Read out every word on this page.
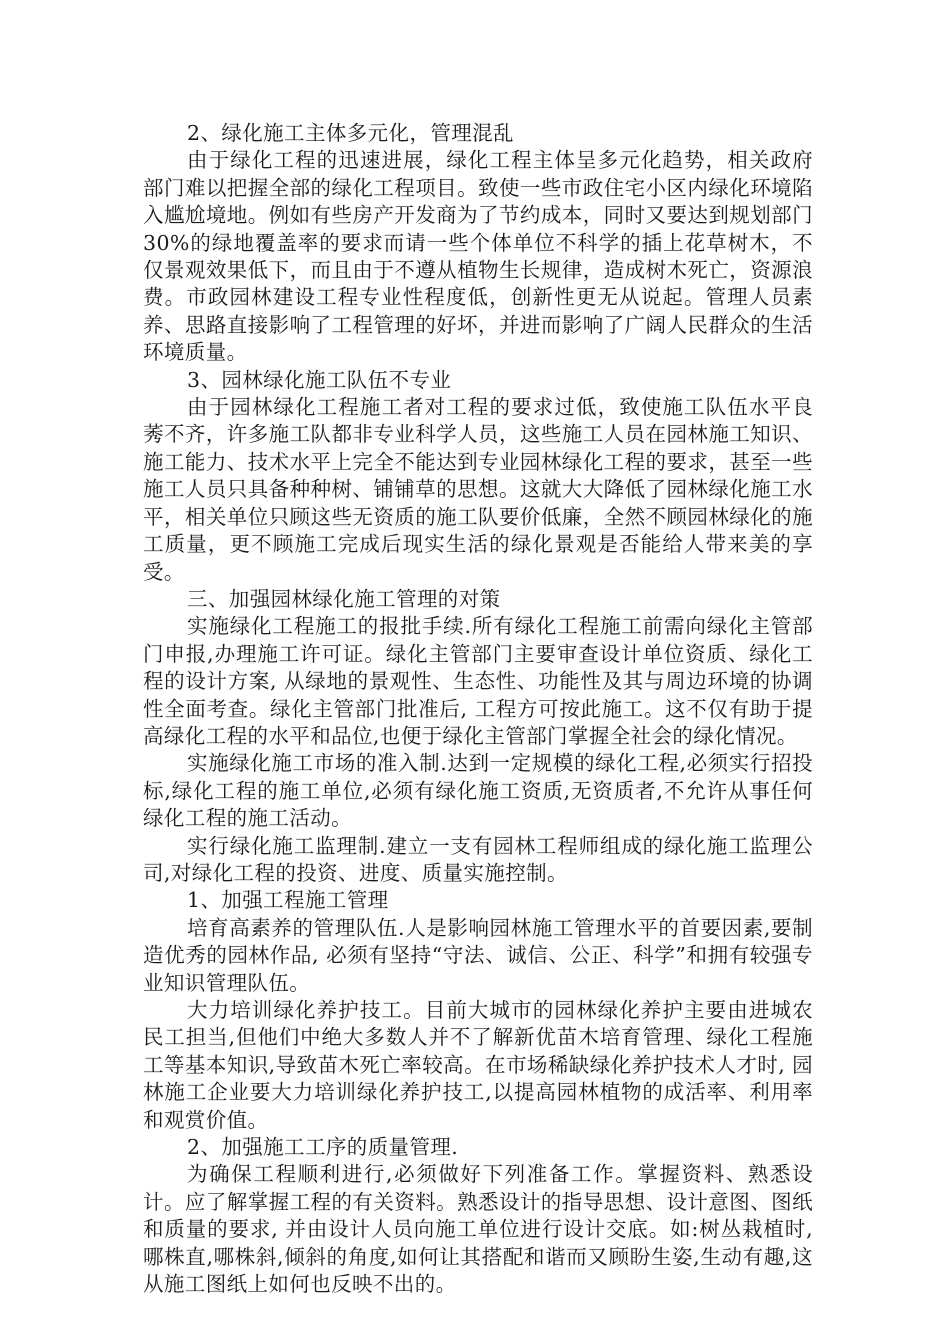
2、绿化施工主体多元化，管理混乱

由于绿化工程的迅速进展，绿化工程主体呈多元化趋势，相关政府部门难以把握全部的绿化工程项目。致使一些市政住宅小区内绿化环境陷入尴尬境地。例如有些房产开发商为了节约成本，同时又要达到规划部门30%的绿地覆盖率的要求而请一些个体单位不科学的插上花草树木，不仅景观效果低下，而且由于不遵从植物生长规律，造成树木死亡，资源浪费。市政园林建设工程专业性程度低，创新性更无从说起。管理人员素养、思路直接影响了工程管理的好坏，并进而影响了广阔人民群众的生活环境质量。

3、园林绿化施工队伍不专业

由于园林绿化工程施工者对工程的要求过低，致使施工队伍水平良莠不齐，许多施工队都非专业科学人员，这些施工人员在园林施工知识、施工能力、技术水平上完全不能达到专业园林绿化工程的要求，甚至一些施工人员只具备种种树、铺铺草的思想。这就大大降低了园林绿化施工水平，相关单位只顾这些无资质的施工队要价低廉，全然不顾园林绿化的施工质量，更不顾施工完成后现实生活的绿化景观是否能给人带来美的享受。

三、加强园林绿化施工管理的对策

实施绿化工程施工的报批手续.所有绿化工程施工前需向绿化主管部门申报,办理施工许可证。绿化主管部门主要审查设计单位资质、绿化工程的设计方案, 从绿地的景观性、生态性、功能性及其与周边环境的协调性全面考查。绿化主管部门批准后, 工程方可按此施工。这不仅有助于提高绿化工程的水平和品位,也便于绿化主管部门掌握全社会的绿化情况。

实施绿化施工市场的准入制.达到一定规模的绿化工程,必须实行招投标,绿化工程的施工单位,必须有绿化施工资质,无资质者,不允许从事任何绿化工程的施工活动。

实行绿化施工监理制.建立一支有园林工程师组成的绿化施工监理公司,对绿化工程的投资、进度、质量实施控制。

1、加强工程施工管理

培育高素养的管理队伍.人是影响园林施工管理水平的首要因素,要制造优秀的园林作品, 必须有坚持“守法、诚信、公正、科学”和拥有较强专业知识管理队伍。

大力培训绿化养护技工。目前大城市的园林绿化养护主要由进城农民工担当,但他们中绝大多数人并不了解新优苗木培育管理、绿化工程施工等基本知识,导致苗木死亡率较高。在市场稀缺绿化养护技术人才时, 园林施工企业要大力培训绿化养护技工,以提高园林植物的成活率、利用率和观赏价值。

2、加强施工工序的质量管理.

为确保工程顺利进行,必须做好下列准备工作。掌握资料、熟悉设计。应了解掌握工程的有关资料。熟悉设计的指导思想、设计意图、图纸和质量的要求, 并由设计人员向施工单位进行设计交底。如:树丛栽植时,哪株直,哪株斜,倾斜的角度,如何让其搭配和谐而又顾盼生姿,生动有趣,这从施工图纸上如何也反映不出的。
